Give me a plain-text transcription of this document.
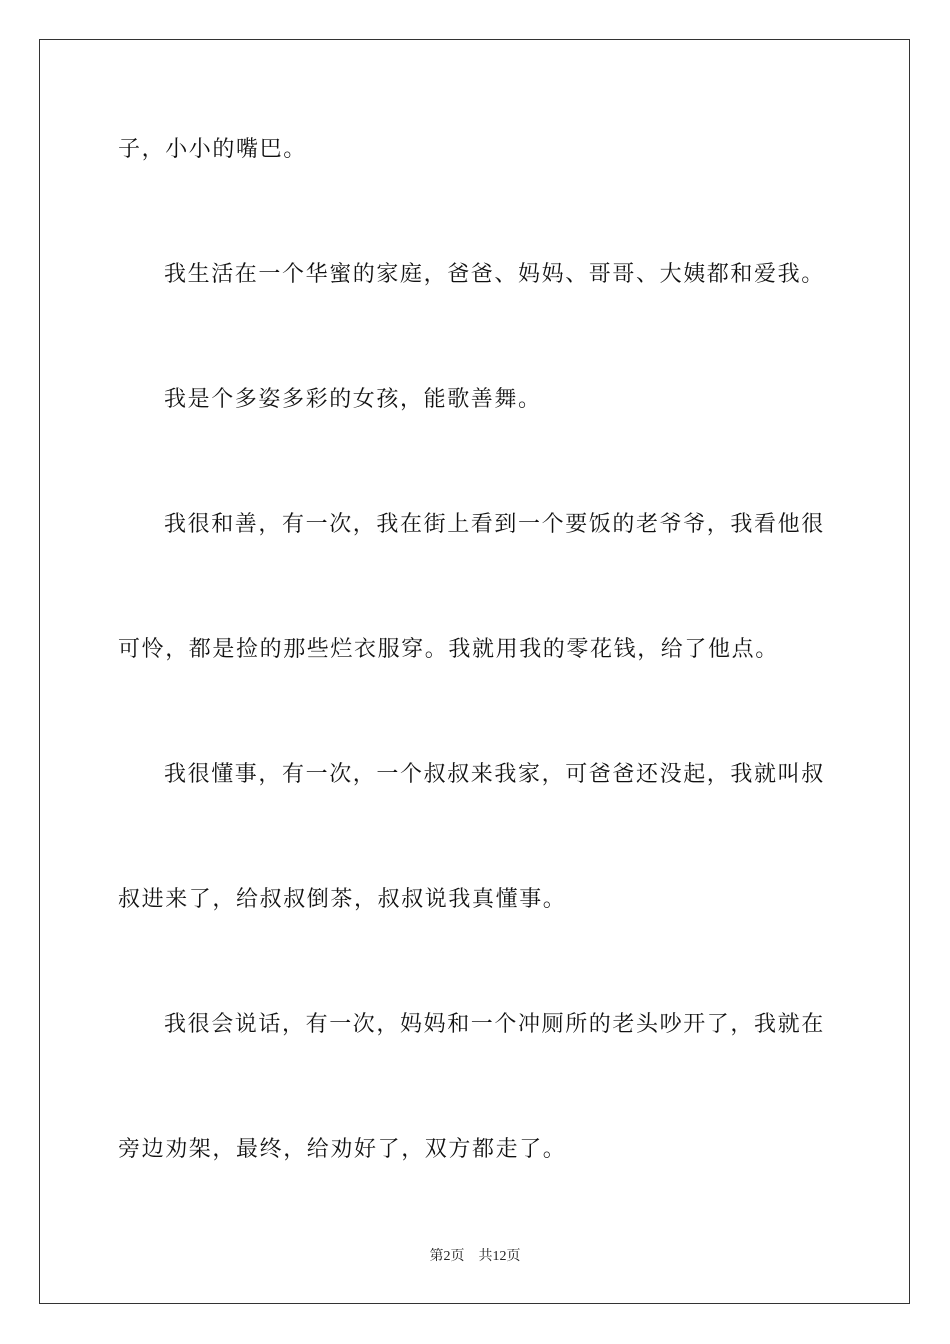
子，小小的嘴巴。
我生活在一个华蜜的家庭，爸爸、妈妈、哥哥、大姨都和爱我。
我是个多姿多彩的女孩，能歌善舞。
我很和善，有一次，我在街上看到一个要饭的老爷爷，我看他很
可怜，都是捡的那些烂衣服穿。我就用我的零花钱，给了他点。
我很懂事，有一次，一个叔叔来我家，可爸爸还没起，我就叫叔
叔进来了，给叔叔倒茶，叔叔说我真懂事。
我很会说话，有一次，妈妈和一个冲厕所的老头吵开了，我就在
旁边劝架，最终，给劝好了，双方都走了。
第2页 共12页
